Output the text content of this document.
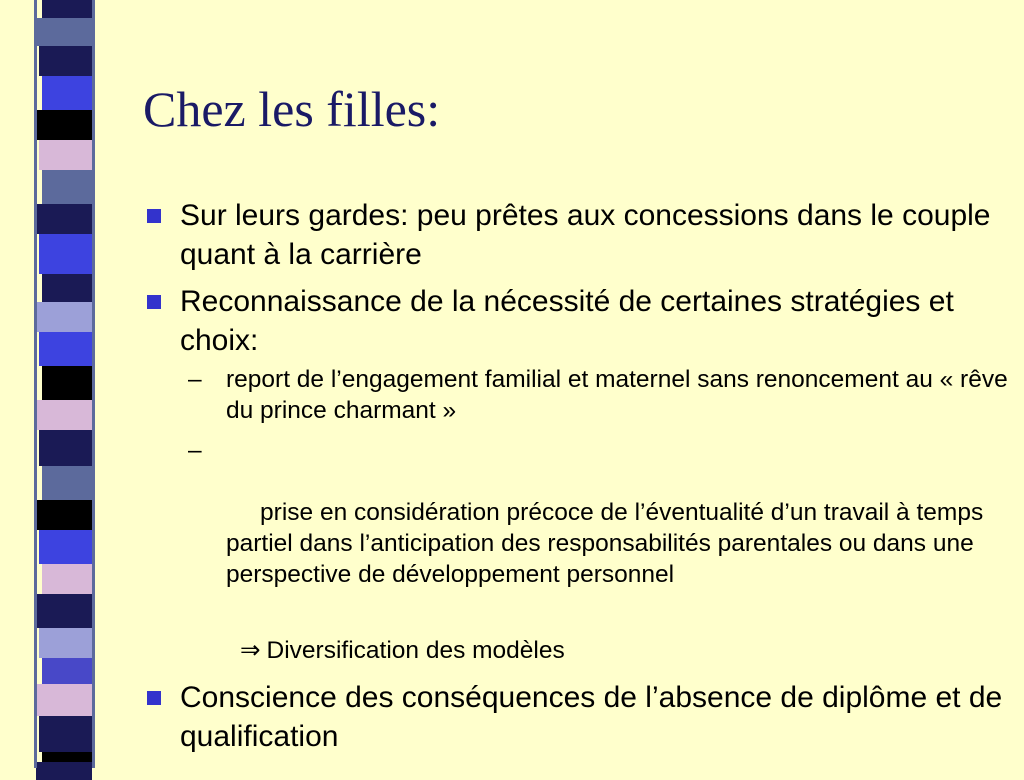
Chez les filles:
Sur leurs gardes: peu prêtes aux concessions dans le couple quant à la carrière
Reconnaissance de la nécessité de certaines stratégies et choix:
– report de l’engagement familial et maternel sans renoncement au « rêve du prince charmant »

–

prise en considération précoce de l’éventualité d’un travail à temps partiel dans l’anticipation des responsabilités parentales ou dans une perspective de développement personnel

⇒ Diversification des modèles
Conscience des conséquences de l’absence de diplôme et de qualification
